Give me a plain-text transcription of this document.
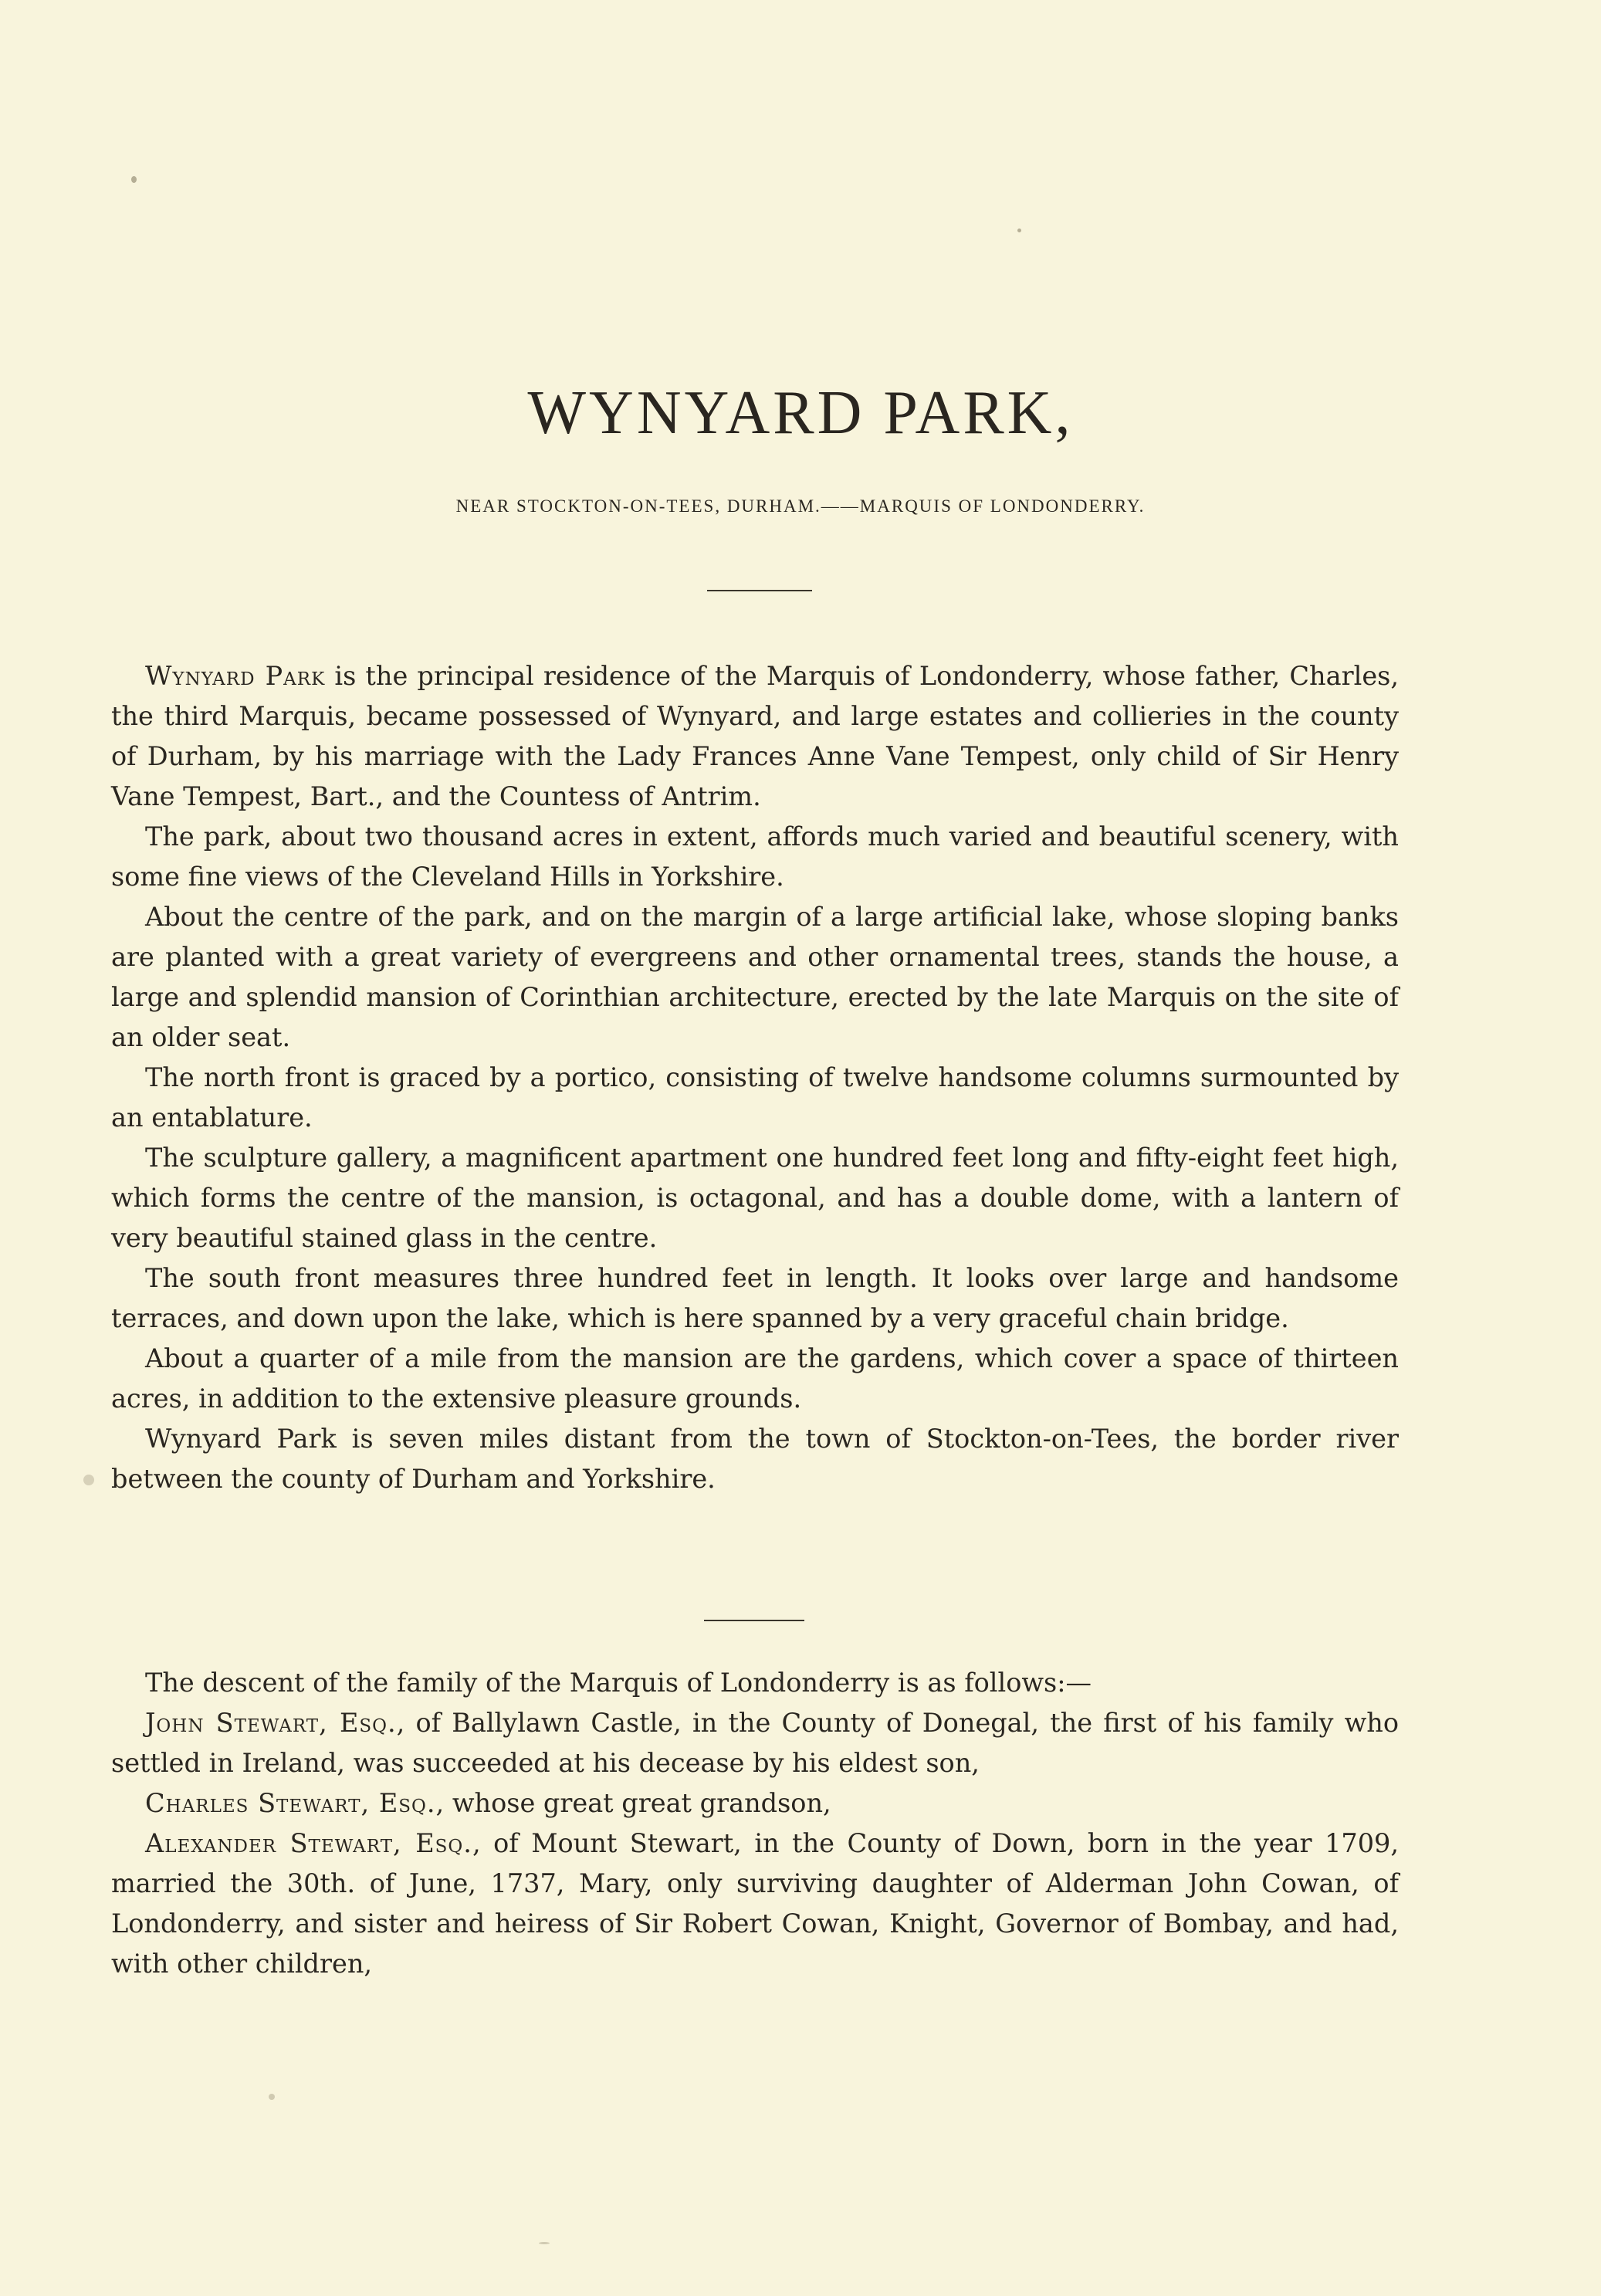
WYNYARD PARK,
NEAR STOCKTON-ON-TEES, DURHAM.——MARQUIS OF LONDONDERRY.

Wynyard Park is the principal residence of the Marquis of Londonderry, whose father, Charles, the third Marquis, became possessed of Wynyard, and large estates and collieries in the county of Durham, by his marriage with the Lady Frances Anne Vane Tempest, only child of Sir Henry Vane Tempest, Bart., and the Countess of Antrim.

The park, about two thousand acres in extent, affords much varied and beautiful scenery, with some fine views of the Cleveland Hills in Yorkshire.

About the centre of the park, and on the margin of a large artificial lake, whose sloping banks are planted with a great variety of evergreens and other ornamental trees, stands the house, a large and splendid mansion of Corinthian architecture, erected by the late Marquis on the site of an older seat.

The north front is graced by a portico, consisting of twelve handsome columns surmounted by an entablature.

The sculpture gallery, a magnificent apartment one hundred feet long and fifty-eight feet high, which forms the centre of the mansion, is octagonal, and has a double dome, with a lantern of very beautiful stained glass in the centre.

The south front measures three hundred feet in length. It looks over large and handsome terraces, and down upon the lake, which is here spanned by a very graceful chain bridge.

About a quarter of a mile from the mansion are the gardens, which cover a space of thirteen acres, in addition to the extensive pleasure grounds.

Wynyard Park is seven miles distant from the town of Stockton-on-Tees, the border river between the county of Durham and Yorkshire.

The descent of the family of the Marquis of Londonderry is as follows:—

John Stewart, Esq., of Ballylawn Castle, in the County of Donegal, the first of his family who settled in Ireland, was succeeded at his decease by his eldest son,

Charles Stewart, Esq., whose great great grandson,

Alexander Stewart, Esq., of Mount Stewart, in the County of Down, born in the year 1709, married the 30th. of June, 1737, Mary, only surviving daughter of Alderman John Cowan, of Londonderry, and sister and heiress of Sir Robert Cowan, Knight, Governor of Bombay, and had, with other children,
